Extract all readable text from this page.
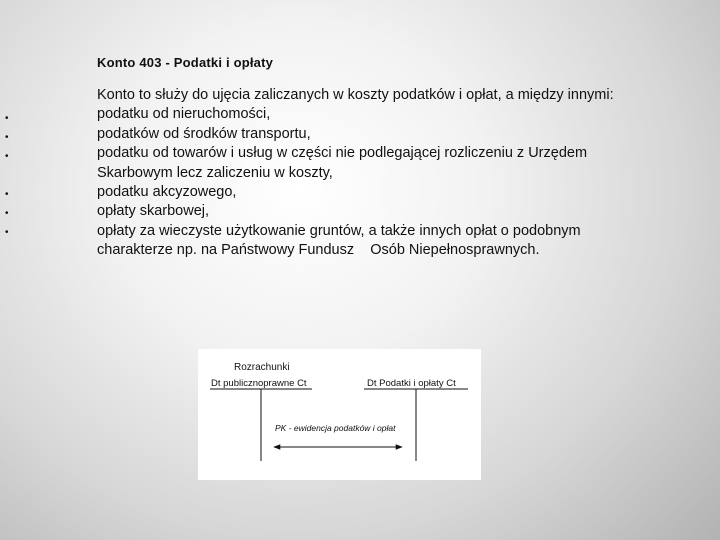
Konto 403 - Podatki i opłaty
•
•
•
•
•
•
Konto to służy do ujęcia zaliczanych w koszty podatków i opłat, a między innymi:
podatku od nieruchomości,
podatków od środków transportu,
podatku od towarów i usług w części nie podlegającej rozliczeniu z Urzędem
Skarbowym lecz zaliczeniu w koszty,
podatku akcyzowego,
opłaty skarbowej,
opłaty za wieczyste użytkowanie gruntów, a także innych opłat o podobnym
charakterze np. na Państwowy Fundusz    Osób Niepełnosprawnych.
Rozrachunki
Dt publicznoprawne Ct	Dt Podatki i opłaty Ct
PK - ewidencja podatków i opłat
